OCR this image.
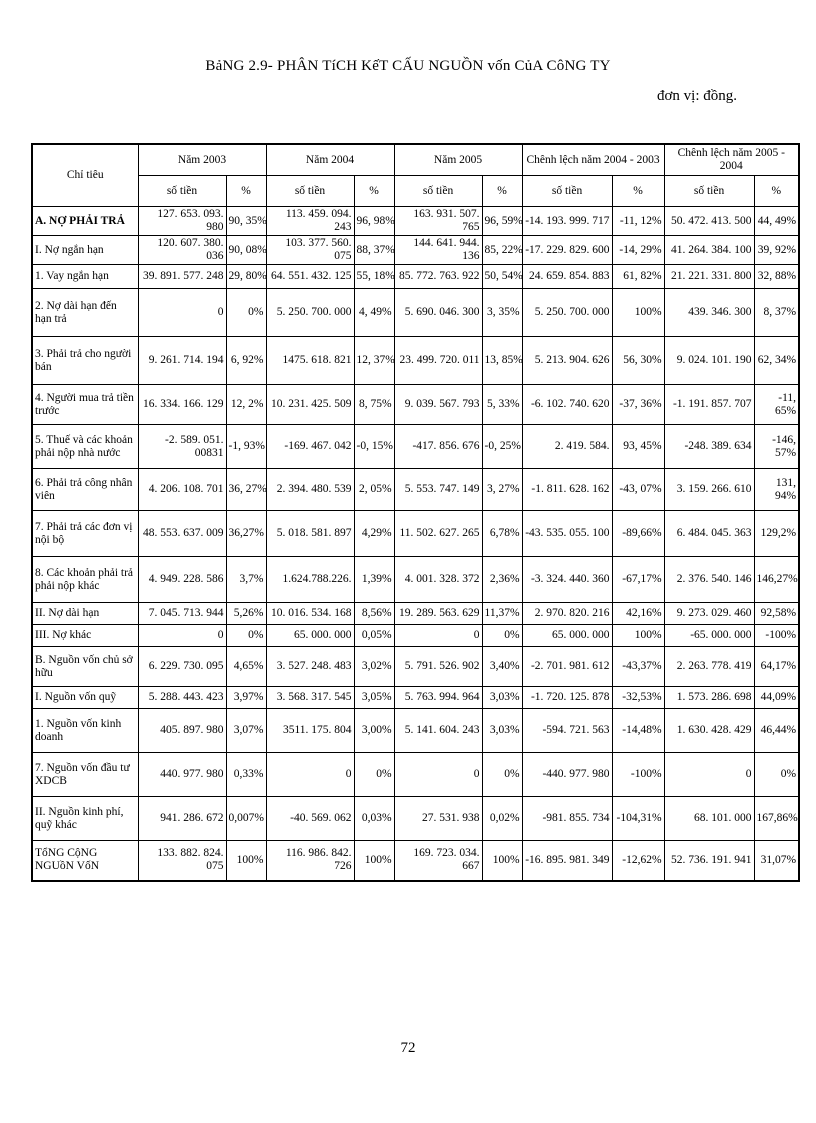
BảNG 2.9- PHÂN TíCH KếT CẤU NGUỒN vốn CủA CôNG TY
đơn vị: đồng.
Chỉ tiêu	Năm 2003		Năm 2004		Năm 2005		Chênh lệch năm 2004 - 2003		Chênh lệch năm 2005 - 2004	
	số tiền	%	số tiền	%	số tiền	%	số tiền	%	số tiền	%
A. NỢ PHẢI TRẢ	127. 653. 093. 980	90, 35%	113. 459. 094. 243	96, 98%	163. 931. 507. 765	96, 59%	-14. 193. 999. 717	-11, 12%	50. 472. 413. 500	44, 49%
I. Nợ ngắn hạn	120. 607. 380. 036	90, 08%	103. 377. 560. 075	88, 37%	144. 641. 944. 136	85, 22%	-17. 229. 829. 600	-14, 29%	41. 264. 384. 100	39, 92%
1. Vay ngắn hạn	39. 891. 577. 248	29, 80%	64. 551. 432. 125	55, 18%	85. 772. 763. 922	50, 54%	24. 659. 854. 883	61, 82%	21. 221. 331. 800	32, 88%
2. Nợ dài hạn đến hạn trả	0	0%	5. 250. 700. 000	4, 49%	5. 690. 046. 300	3, 35%	5. 250. 700. 000	100%	439. 346. 300	8, 37%
3. Phải trả cho người bán	9. 261. 714. 194	6, 92%	1475. 618. 821	12, 37%	23. 499. 720. 011	13, 85%	5. 213. 904. 626	56, 30%	9. 024. 101. 190	62, 34%
4. Người mua trả tiền trước	16. 334. 166. 129	12, 2%	10. 231. 425. 509	8, 75%	9. 039. 567. 793	5, 33%	-6. 102. 740. 620	-37, 36%	-1. 191. 857. 707	-11, 65%
5. Thuế và các khoản phải nộp nhà nước	-2. 589. 051. 00831	-1, 93%	-169. 467. 042	-0, 15%	-417. 856. 676	-0, 25%	2. 419. 584.	93, 45%	-248. 389. 634	-146, 57%
6. Phải trả công nhân viên	4. 206. 108. 701	36, 27%	2. 394. 480. 539	2, 05%	5. 553. 747. 149	3, 27%	-1. 811. 628. 162	-43, 07%	3. 159. 266. 610	131, 94%
7. Phải trả các đơn vị nội bộ	48. 553. 637. 009	36,27%	5. 018. 581. 897	4,29%	11. 502. 627. 265	6,78%	-43. 535. 055. 100	-89,66%	6. 484. 045. 363	129,2%
8. Các khoản phải trả phải nộp khác	4. 949. 228. 586	3,7%	1.624.788.226.	1,39%	4. 001. 328. 372	2,36%	-3. 324. 440. 360	-67,17%	2. 376. 540. 146	146,27%
II. Nợ dài hạn	7. 045. 713. 944	5,26%	10. 016. 534. 168	8,56%	19. 289. 563. 629	11,37%	2. 970. 820. 216	42,16%	9. 273. 029. 460	92,58%
III. Nợ khác	0	0%	65. 000. 000	0,05%	0	0%	65. 000. 000	100%	-65. 000. 000	-100%
B. Nguồn vốn chủ sở hữu	6. 229. 730. 095	4,65%	3. 527. 248. 483	3,02%	5. 791. 526. 902	3,40%	-2. 701. 981. 612	-43,37%	2. 263. 778. 419	64,17%
I. Nguồn vốn quỹ	5. 288. 443. 423	3,97%	3. 568. 317. 545	3,05%	5. 763. 994. 964	3,03%	-1. 720. 125. 878	-32,53%	1. 573. 286. 698	44,09%
1. Nguồn vốn kinh doanh	405. 897. 980	3,07%	3511. 175. 804	3,00%	5. 141. 604. 243	3,03%	-594. 721. 563	-14,48%	1. 630. 428. 429	46,44%
7. Nguồn vốn đầu tư XDCB	440. 977. 980	0,33%	0	0%	0	0%	-440. 977. 980	-100%	0	0%
II. Nguồn kinh phí, quỹ khác	941. 286. 672	0,007%	-40. 569. 062	0,03%	27. 531. 938	0,02%	-981. 855. 734	-104,31%	68. 101. 000	167,86%
TổNG CộNG NGUồN VốN	133. 882. 824. 075	100%	116. 986. 842. 726	100%	169. 723. 034. 667	100%	-16. 895. 981. 349	-12,62%	52. 736. 191. 941	31,07%
72
